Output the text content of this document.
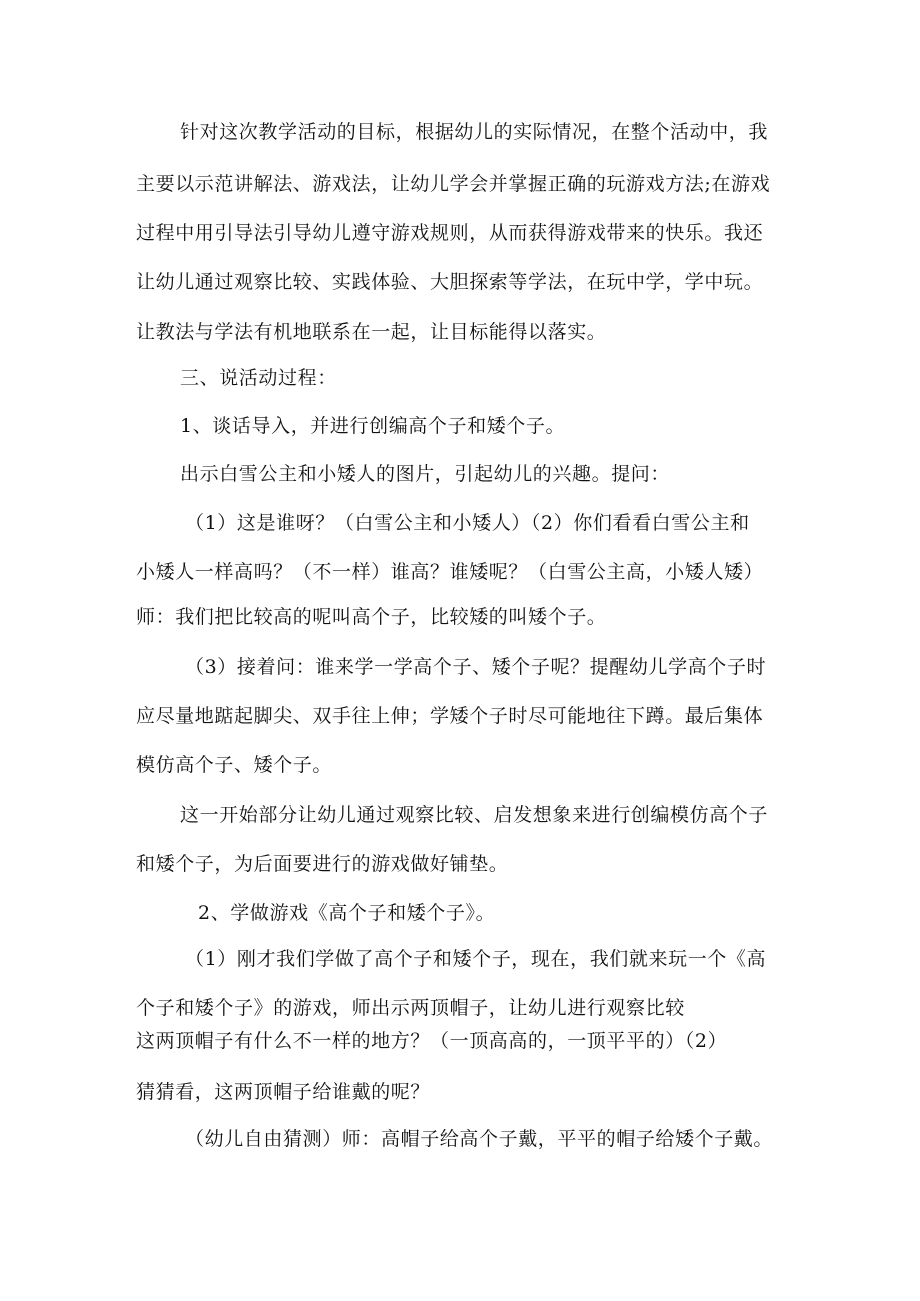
针对这次教学活动的目标，根据幼儿的实际情况，在整个活动中，我
主要以示范讲解法、游戏法，让幼儿学会并掌握正确的玩游戏方法;在游戏
过程中用引导法引导幼儿遵守游戏规则，从而获得游戏带来的快乐。我还
让幼儿通过观察比较、实践体验、大胆探索等学法，在玩中学，学中玩。
让教法与学法有机地联系在一起，让目标能得以落实。
三、说活动过程：
1、谈话导入，并进行创编高个子和矮个子。
出示白雪公主和小矮人的图片，引起幼儿的兴趣。提问：
（1）这是谁呀？（白雪公主和小矮人）（2）你们看看白雪公主和
小矮人一样高吗？（不一样）谁高？谁矮呢？（白雪公主高，小矮人矮）
师：我们把比较高的呢叫高个子，比较矮的叫矮个子。
（3）接着问：谁来学一学高个子、矮个子呢？提醒幼儿学高个子时
应尽量地踮起脚尖、双手往上伸；学矮个子时尽可能地往下蹲。最后集体
模仿高个子、矮个子。
这一开始部分让幼儿通过观察比较、启发想象来进行创编模仿高个子
和矮个子，为后面要进行的游戏做好铺垫。
2、学做游戏《高个子和矮个子》。
（1）刚才我们学做了高个子和矮个子，现在，我们就来玩一个《高
个子和矮个子》的游戏，师出示两顶帽子，让幼儿进行观察比较
这两顶帽子有什么不一样的地方？（一顶高高的，一顶平平的）（2）
猜猜看，这两顶帽子给谁戴的呢？
（幼儿自由猜测）师：高帽子给高个子戴，平平的帽子给矮个子戴。
